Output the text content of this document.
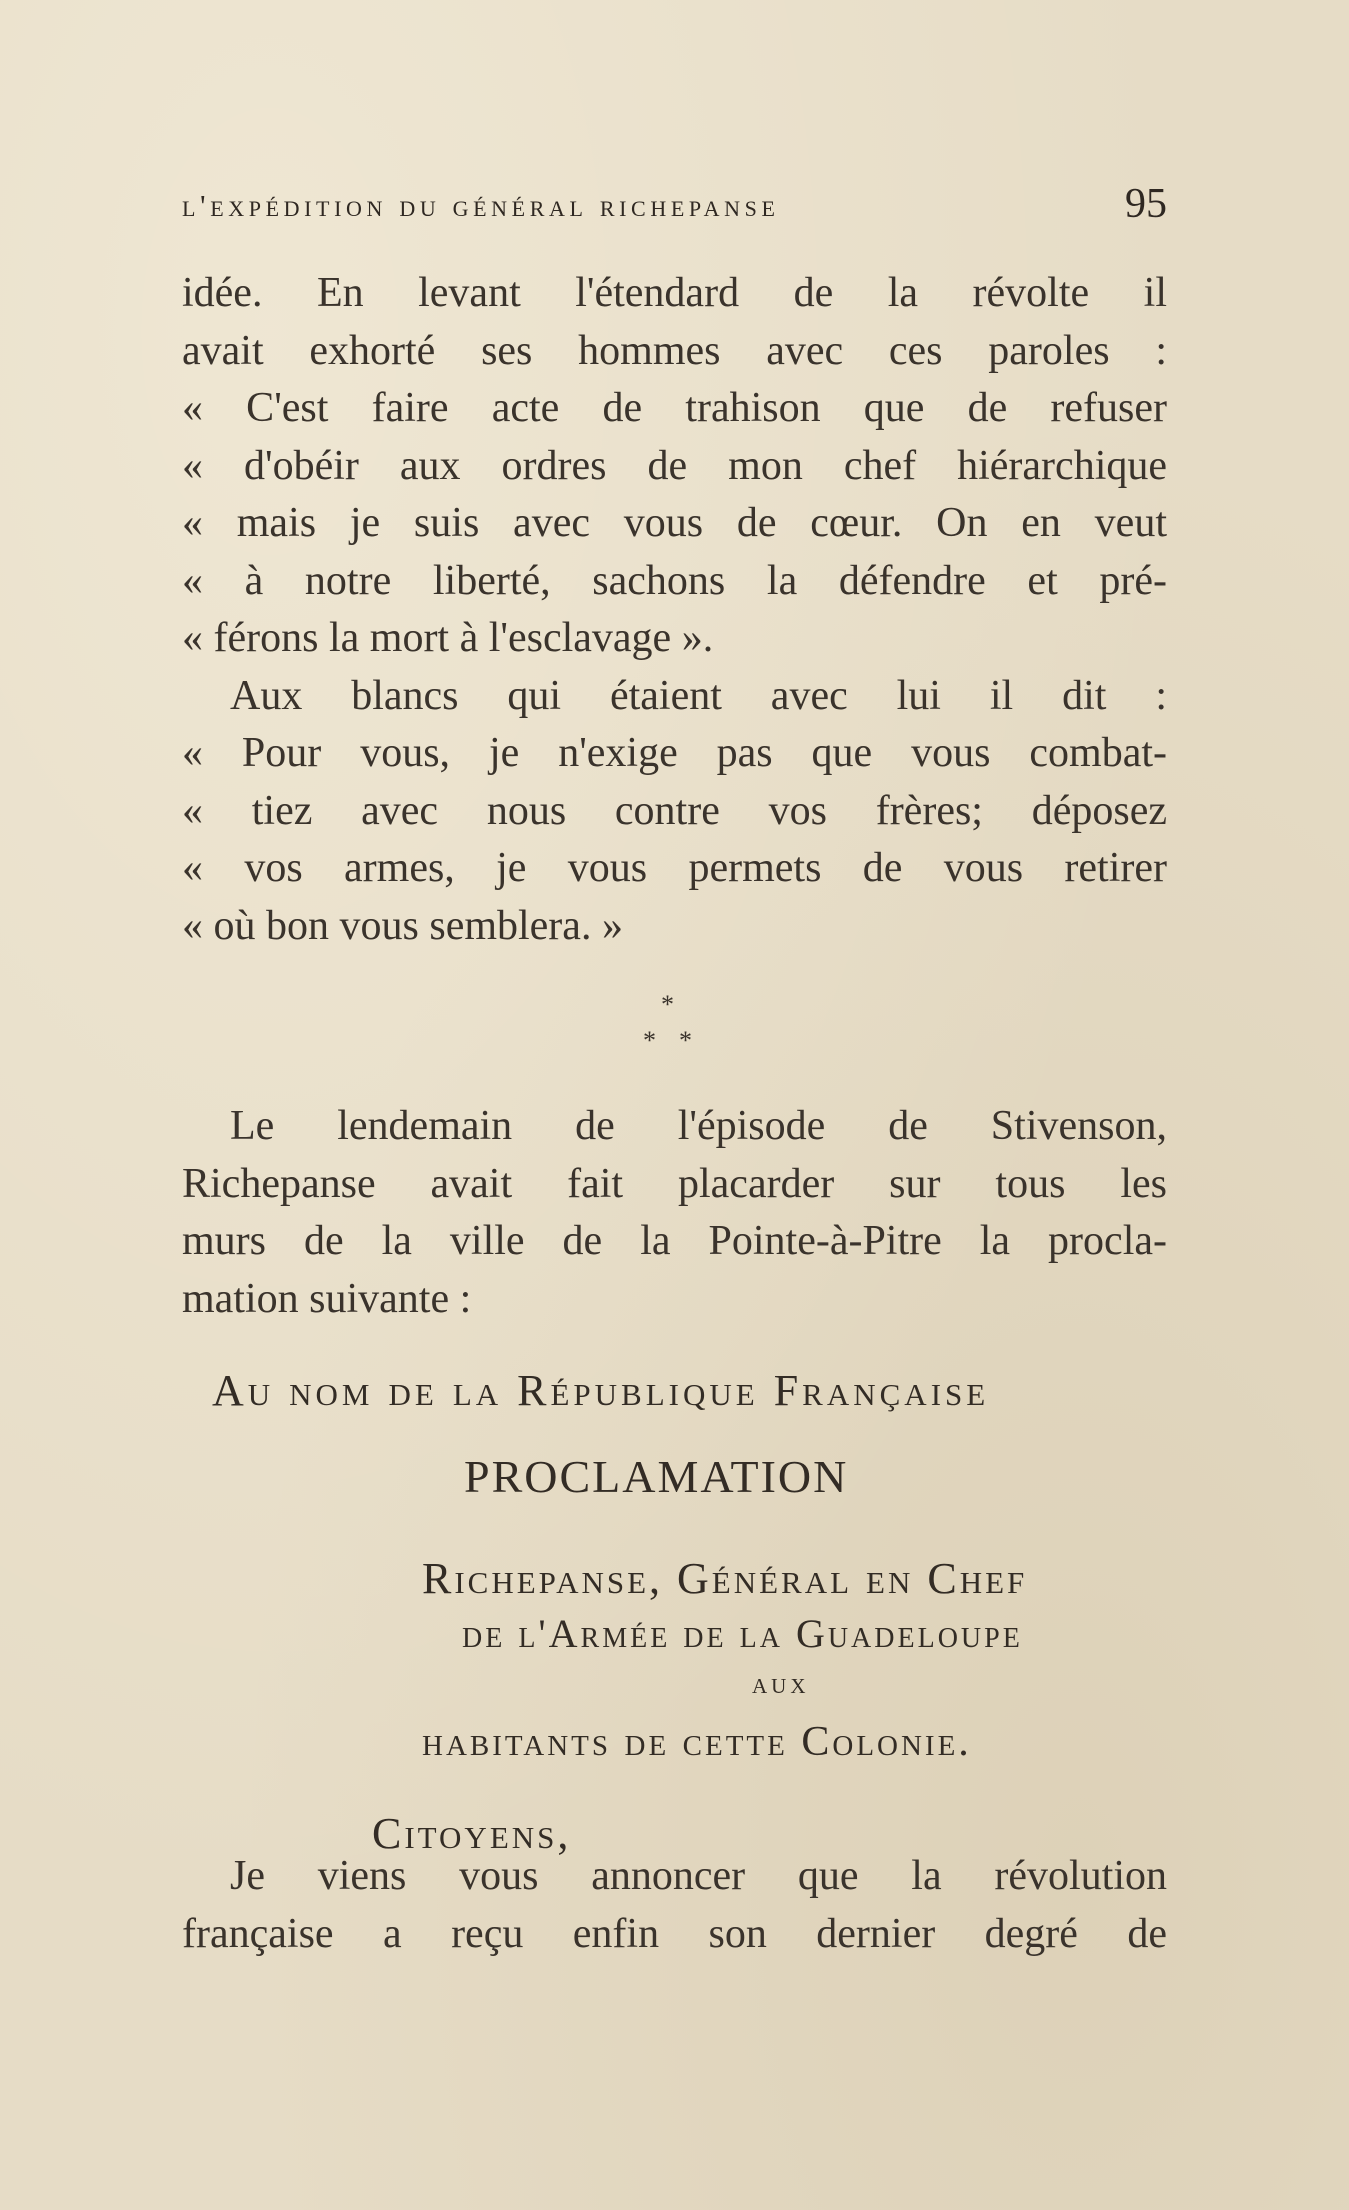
l'expédition du général richepanse	95
idée. En levant l'étendard de la révolte il
avait exhorté ses hommes avec ces paroles :
« C'est faire acte de trahison que de refuser
« d'obéir aux ordres de mon chef hiérarchique
« mais je suis avec vous de cœur. On en veut
« à notre liberté, sachons la défendre et pré-
« férons la mort à l'esclavage ».
Aux blancs qui étaient avec lui il dit :
« Pour vous, je n'exige pas que vous combat-
« tiez avec nous contre vos frères; déposez
« vos armes, je vous permets de vous retirer
« où bon vous semblera. »
*
* *
Le lendemain de l'épisode de Stivenson,
Richepanse avait fait placarder sur tous les
murs de la ville de la Pointe-à-Pitre la procla-
mation suivante :
Au nom de la République Française
PROCLAMATION
Richepanse, Général en Chef
de l'Armée de la Guadeloupe
aux
habitants de cette Colonie.
Citoyens,
Je viens vous annoncer que la révolution
française a reçu enfin son dernier degré de
